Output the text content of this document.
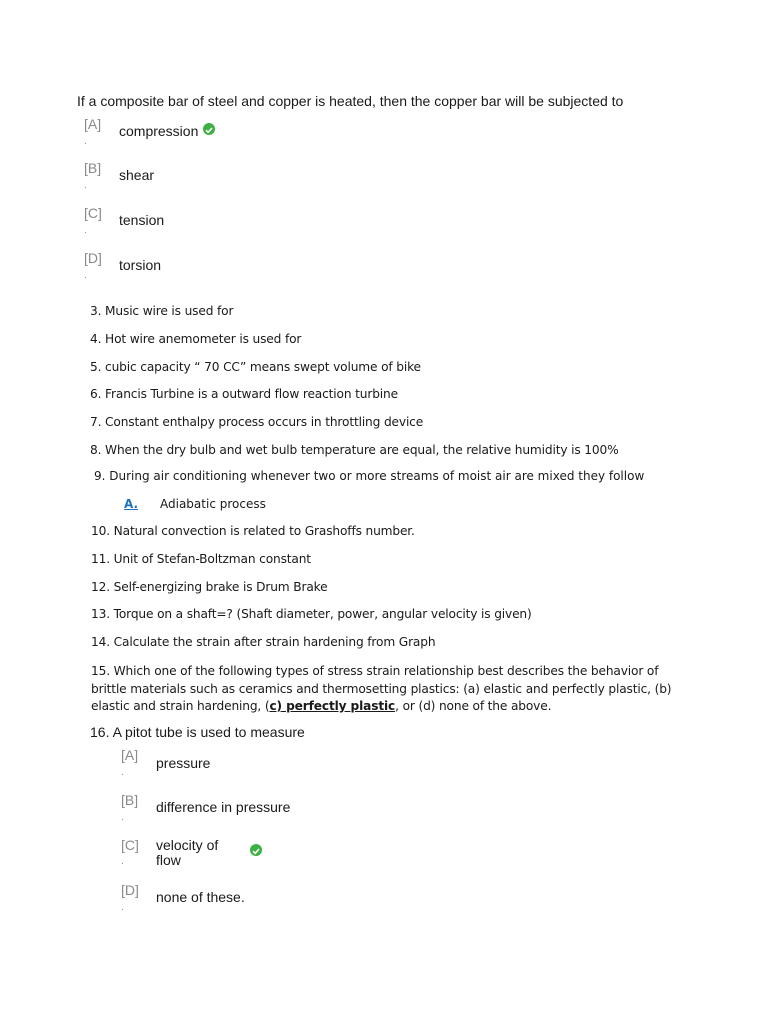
If a composite bar of steel and copper is heated, then the copper bar will be subjected to
[A]
.
compression
[B]
.
shear
[C]
.
tension
[D]
.
torsion
3. Music wire is used for
4. Hot wire anemometer is used for
5. cubic capacity “ 70 CC” means swept volume of bike
6. Francis Turbine is a outward flow reaction turbine
7. Constant enthalpy process occurs in throttling device
8. When the dry bulb and wet bulb temperature are equal, the relative humidity is 100%
9. During air conditioning whenever two or more streams of moist air are mixed they follow
A. Adiabatic process
10. Natural convection is related to Grashoffs number.
11. Unit of Stefan-Boltzman constant
12. Self-energizing brake is Drum Brake
13. Torque on a shaft=? (Shaft diameter, power, angular velocity is given)
14. Calculate the strain after strain hardening from Graph
15. Which one of the following types of stress strain relationship best describes the behavior of brittle materials such as ceramics and thermosetting plastics: (a) elastic and perfectly plastic, (b) elastic and strain hardening, (c) perfectly plastic, or (d) none of the above.
16. A pitot tube is used to measure
[A]
.
pressure
[B]
.
difference in pressure
[C]
.
velocity of
flow
[D]
.
none of these.
